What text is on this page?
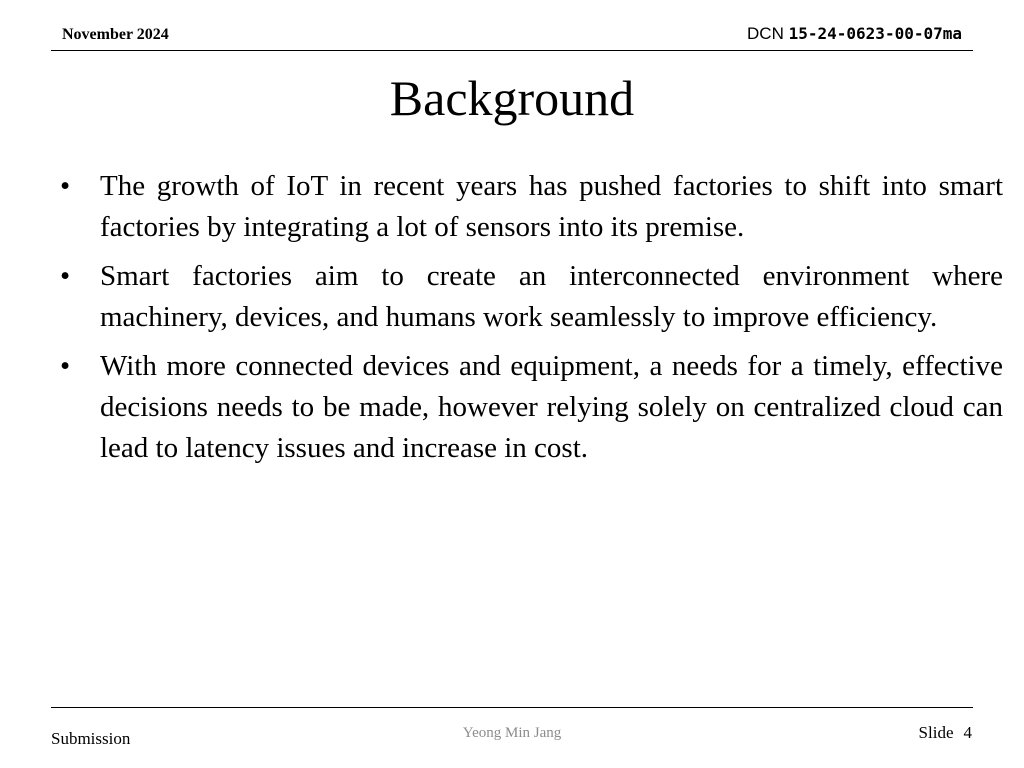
November 2024	DCN 15-24-0623-00-07ma
Background
• The growth of IoT in recent years has pushed factories to shift into smart factories by integrating a lot of sensors into its premise.
• Smart factories aim to create an interconnected environment where machinery, devices, and humans work seamlessly to improve efficiency.
• With more connected devices and equipment, a needs for a timely, effective decisions needs to be made, however relying solely on centralized cloud can lead to latency issues and increase in cost.
Submission	Yeong Min Jang	Slide 4
